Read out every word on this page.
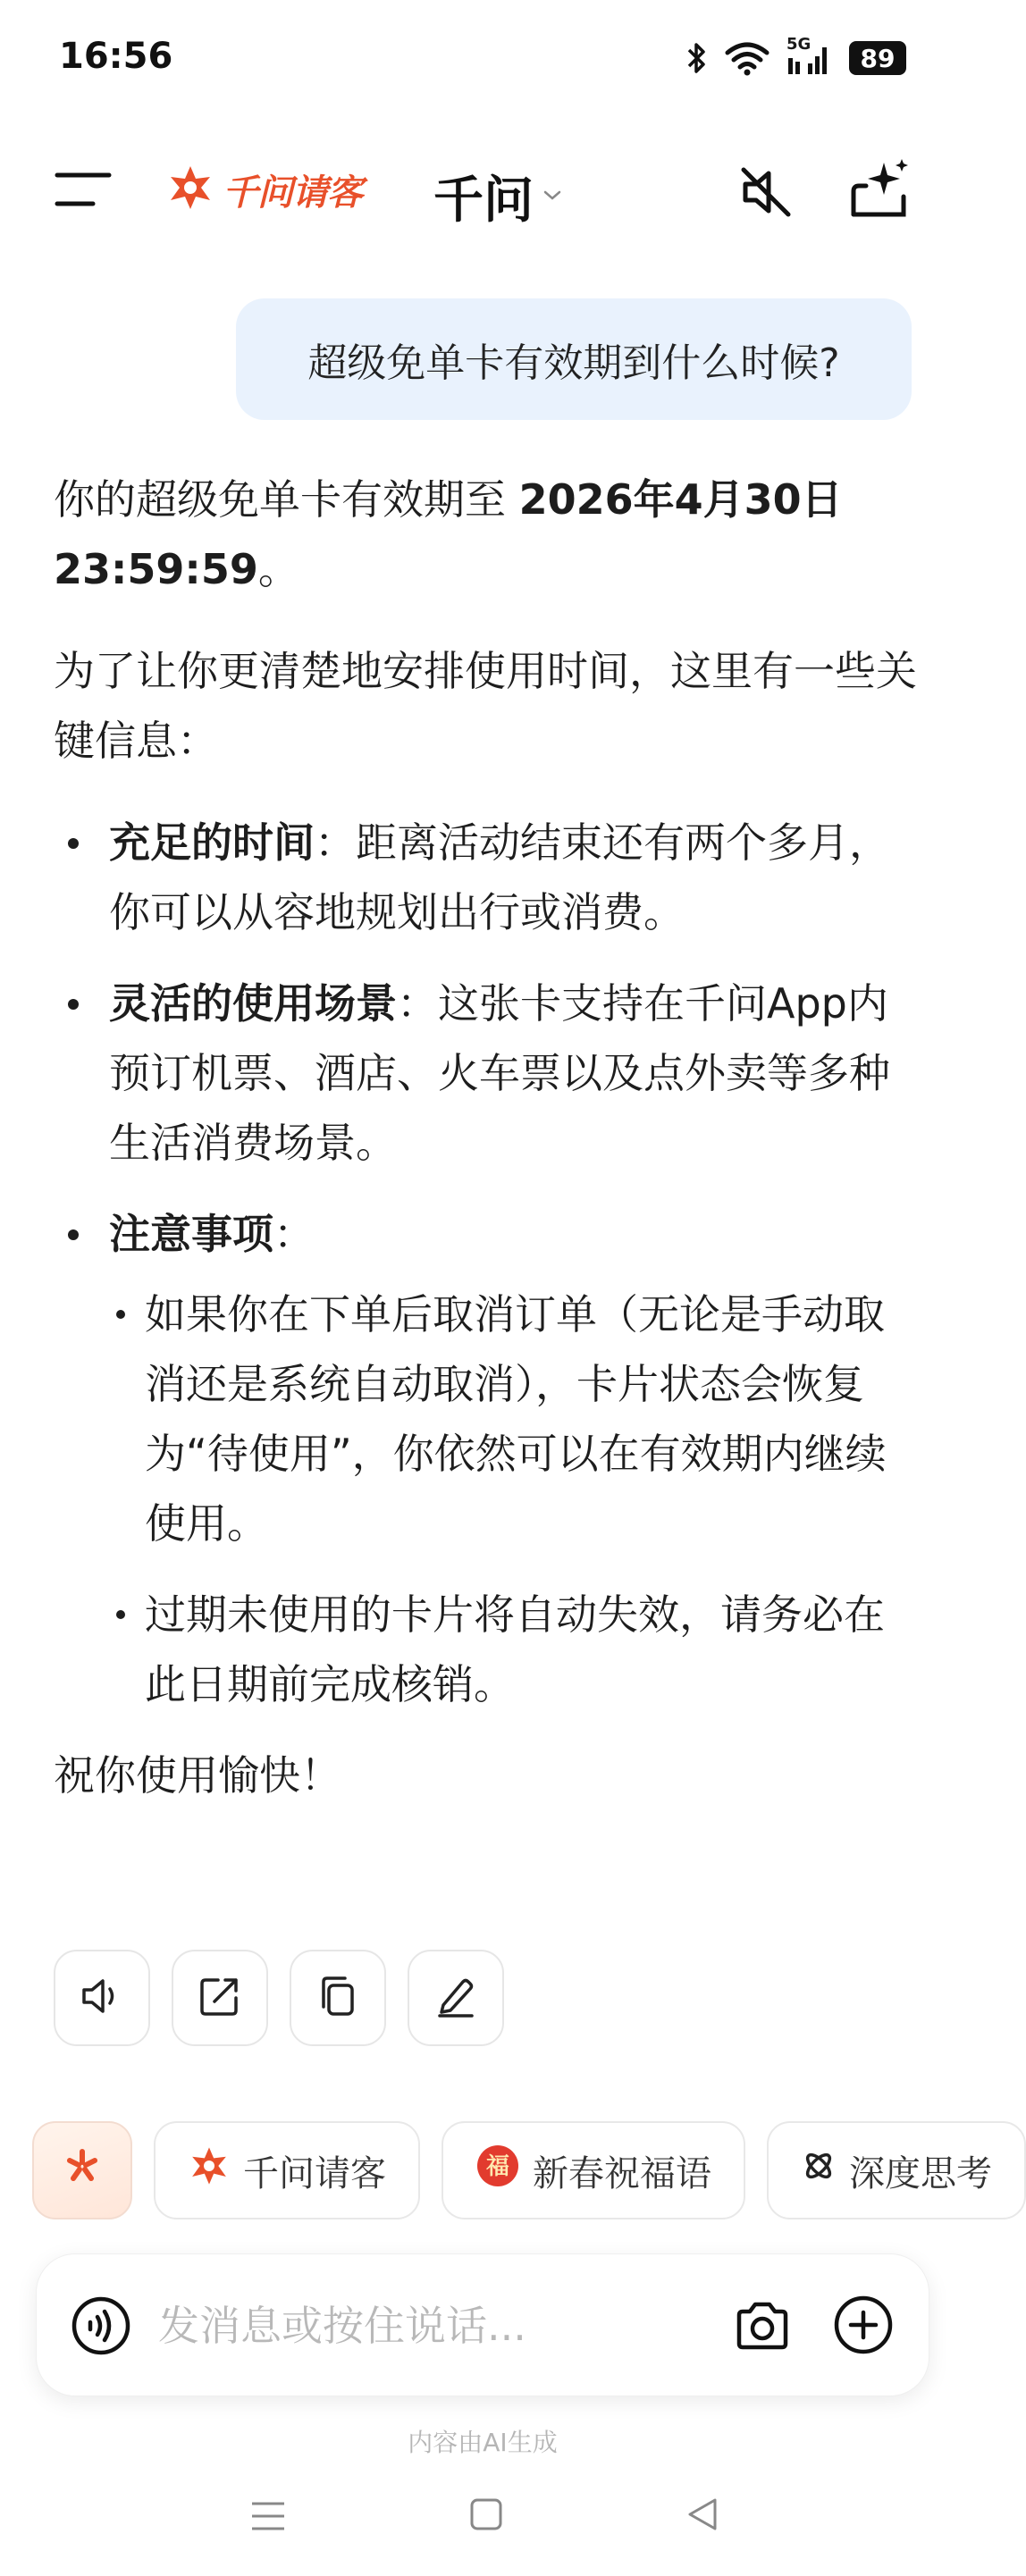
16:56	5G	89
千问请客 千问
超级免单卡有效期到什么时候?

你的超级免单卡有效期至 2026年4月30日 23:59:59。

为了让你更清楚地安排使用时间，这里有一些关键信息：

充足的时间：距离活动结束还有两个多月，你可以从容地规划出行或消费。
灵活的使用场景：这张卡支持在千问App内预订机票、酒店、火车票以及点外卖等多种生活消费场景。
注意事项：
如果你在下单后取消订单（无论是手动取消还是系统自动取消），卡片状态会恢复为“待使用”，你依然可以在有效期内继续使用。
过期未使用的卡片将自动失效，请务必在此日期前完成核销。

祝你使用愉快！

千问请客	福 新春祝福语	深度思考
发消息或按住说话...
内容由AI生成
